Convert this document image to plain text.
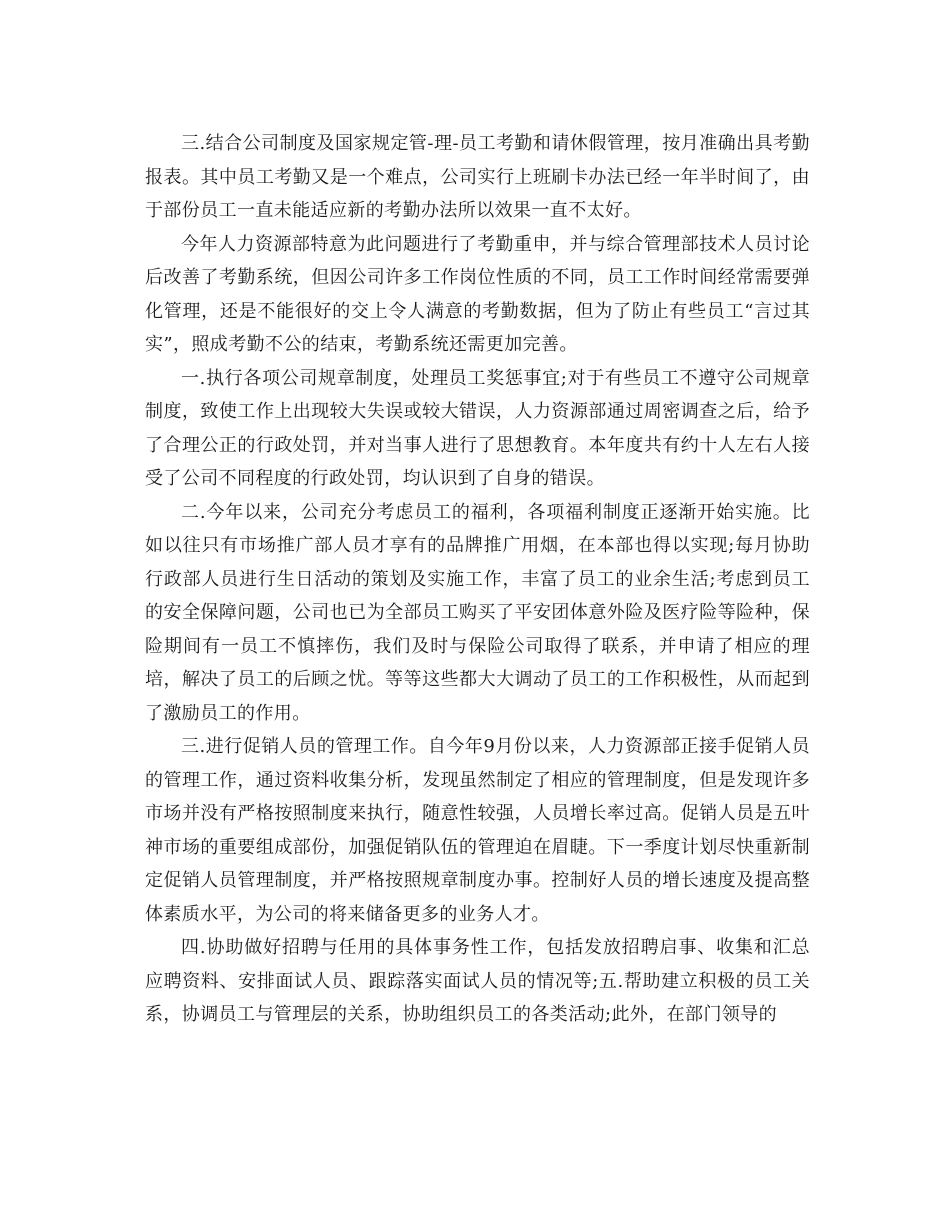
三.结合公司制度及国家规定管-理-员工考勤和请休假管理，按月准确出具考勤报表。其中员工考勤又是一个难点，公司实行上班刷卡办法已经一年半时间了，由于部份员工一直未能适应新的考勤办法所以效果一直不太好。

今年人力资源部特意为此问题进行了考勤重申，并与综合管理部技术人员讨论后改善了考勤系统，但因公司许多工作岗位性质的不同，员工工作时间经常需要弹化管理，还是不能很好的交上令人满意的考勤数据，但为了防止有些员工“言过其实”，照成考勤不公的结束，考勤系统还需更加完善。

一.执行各项公司规章制度，处理员工奖惩事宜;对于有些员工不遵守公司规章制度，致使工作上出现较大失误或较大错误，人力资源部通过周密调查之后，给予了合理公正的行政处罚，并对当事人进行了思想教育。本年度共有约十人左右人接受了公司不同程度的行政处罚，均认识到了自身的错误。

二.今年以来，公司充分考虑员工的福利，各项福利制度正逐渐开始实施。比如以往只有市场推广部人员才享有的品牌推广用烟，在本部也得以实现;每月协助行政部人员进行生日活动的策划及实施工作，丰富了员工的业余生活;考虑到员工的安全保障问题，公司也已为全部员工购买了平安团体意外险及医疗险等险种，保险期间有一员工不慎摔伤，我们及时与保险公司取得了联系，并申请了相应的理培，解决了员工的后顾之忧。等等这些都大大调动了员工的工作积极性，从而起到了激励员工的作用。

三.进行促销人员的管理工作。自今年9月份以来，人力资源部正接手促销人员的管理工作，通过资料收集分析，发现虽然制定了相应的管理制度，但是发现许多市场并没有严格按照制度来执行，随意性较强，人员增长率过高。促销人员是五叶神市场的重要组成部份，加强促销队伍的管理迫在眉睫。下一季度计划尽快重新制定促销人员管理制度，并严格按照规章制度办事。控制好人员的增长速度及提高整体素质水平，为公司的将来储备更多的业务人才。

四.协助做好招聘与任用的具体事务性工作，包括发放招聘启事、收集和汇总应聘资料、安排面试人员、跟踪落实面试人员的情况等;五.帮助建立积极的员工关系，协调员工与管理层的关系，协助组织员工的各类活动;此外，在部门领导的
